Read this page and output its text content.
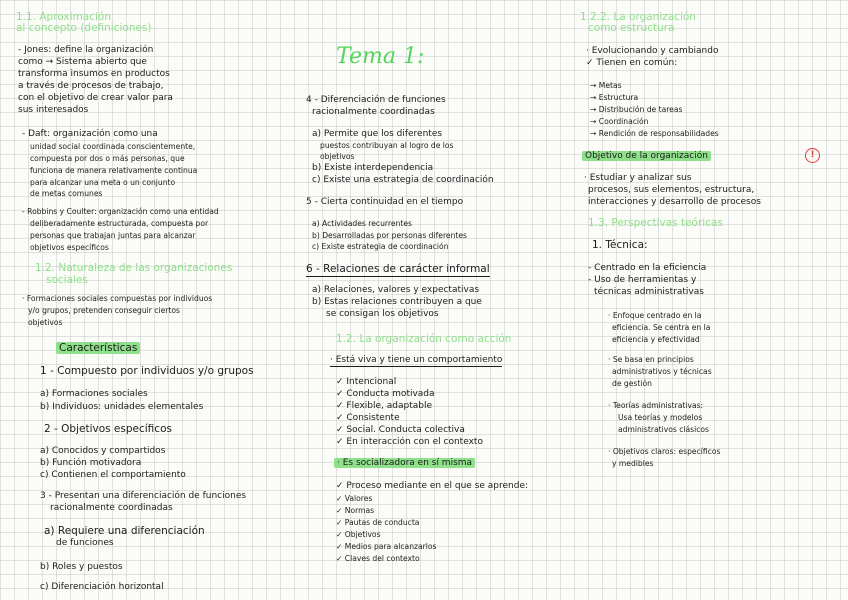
1.1. Aproximación

al concepto (definiciones)

- Jones: define la organización

como → Sistema abierto que

transforma insumos en productos

a través de procesos de trabajo,

con el objetivo de crear valor para

sus interesados

- Daft: organización como una

unidad social coordinada conscientemente,

compuesta por dos o más personas, que

funciona de manera relativamente continua

para alcanzar una meta o un conjunto

de metas comunes

- Robbins y Coulter: organización como una entidad

deliberadamente estructurada, compuesta por

personas que trabajan juntas para alcanzar

objetivos específicos

1.2. Naturaleza de las organizaciones

sociales

· Formaciones sociales compuestas por individuos

y/o grupos, pretenden conseguir ciertos

objetivos

Características

1 - Compuesto por individuos y/o grupos

a) Formaciones sociales

b) Individuos: unidades elementales

2 - Objetivos específicos

a) Conocidos y compartidos

b) Función motivadora

c) Contienen el comportamiento

3 - Presentan una diferenciación de funciones

racionalmente coordinadas

a) Requiere una diferenciación

de funciones

b) Roles y puestos

c) Diferenciación horizontal

Tema 1:

4 - Diferenciación de funciones

racionalmente coordinadas

a) Permite que los diferentes

puestos contribuyan al logro de los

objetivos

b) Existe interdependencia

c) Existe una estrategia de coordinación

5 - Cierta continuidad en el tiempo

a) Actividades recurrentes

b) Desarrolladas por personas diferentes

c) Existe estrategia de coordinación

6 - Relaciones de carácter informal

a) Relaciones, valores y expectativas

b) Estas relaciones contribuyen a que

se consigan los objetivos

1.2. La organización como acción

· Está viva y tiene un comportamiento

✓ Intencional

✓ Conducta motivada

✓ Flexible, adaptable

✓ Consistente

✓ Social. Conducta colectiva

✓ En interacción con el contexto

· Es socializadora en sí misma

✓ Proceso mediante en el que se aprende:

✓ Valores

✓ Normas

✓ Pautas de conducta

✓ Objetivos

✓ Medios para alcanzarlos

✓ Claves del contexto

1.2.2. La organización

como estructura

· Evolucionando y cambiando

✓ Tienen en común:

→ Metas

→ Estructura

→ Distribución de tareas

→ Coordinación

→ Rendición de responsabilidades

Objetivo de la organización	!

· Estudiar y analizar sus

procesos, sus elementos, estructura,

interacciones y desarrollo de procesos

1.3. Perspectivas teóricas

1. Técnica:

- Centrado en la eficiencia

- Uso de herramientas y

técnicas administrativas

· Enfoque centrado en la

eficiencia. Se centra en la

eficiencia y efectividad

· Se basa en principios

administrativos y técnicas

de gestión

· Teorías administrativas:

Usa teorías y modelos

administrativos clásicos

· Objetivos claros: específicos

y medibles
